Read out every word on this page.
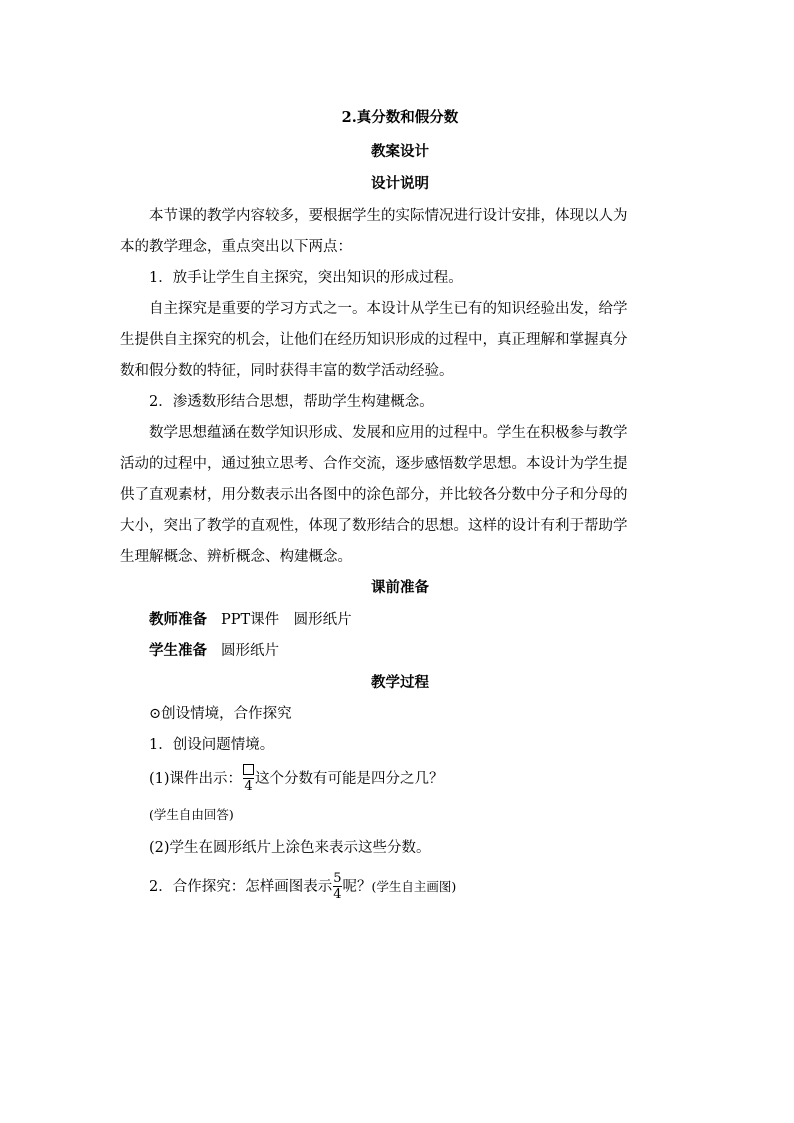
2.真分数和假分数
教案设计
设计说明
本节课的教学内容较多，要根据学生的实际情况进行设计安排，体现以人为
本的教学理念，重点突出以下两点：
1．放手让学生自主探究，突出知识的形成过程。
自主探究是重要的学习方式之一。本设计从学生已有的知识经验出发，给学
生提供自主探究的机会，让他们在经历知识形成的过程中，真正理解和掌握真分
数和假分数的特征，同时获得丰富的数学活动经验。
2．渗透数形结合思想，帮助学生构建概念。
数学思想蕴涵在数学知识形成、发展和应用的过程中。学生在积极参与教学
活动的过程中，通过独立思考、合作交流，逐步感悟数学思想。本设计为学生提
供了直观素材，用分数表示出各图中的涂色部分，并比较各分数中分子和分母的
大小，突出了教学的直观性，体现了数形结合的思想。这样的设计有利于帮助学
生理解概念、辨析概念、构建概念。
课前准备
教师准备 PPT课件　圆形纸片
学生准备 圆形纸片
教学过程
⊙创设情境，合作探究
1．创设问题情境。
(1)课件出示： 4 这个分数有可能是四分之几？
(学生自由回答)
(2)学生在圆形纸片上涂色来表示这些分数。
2．合作探究：怎样画图表示 $\frac{5}{4}$ 呢？(学生自主画图)
